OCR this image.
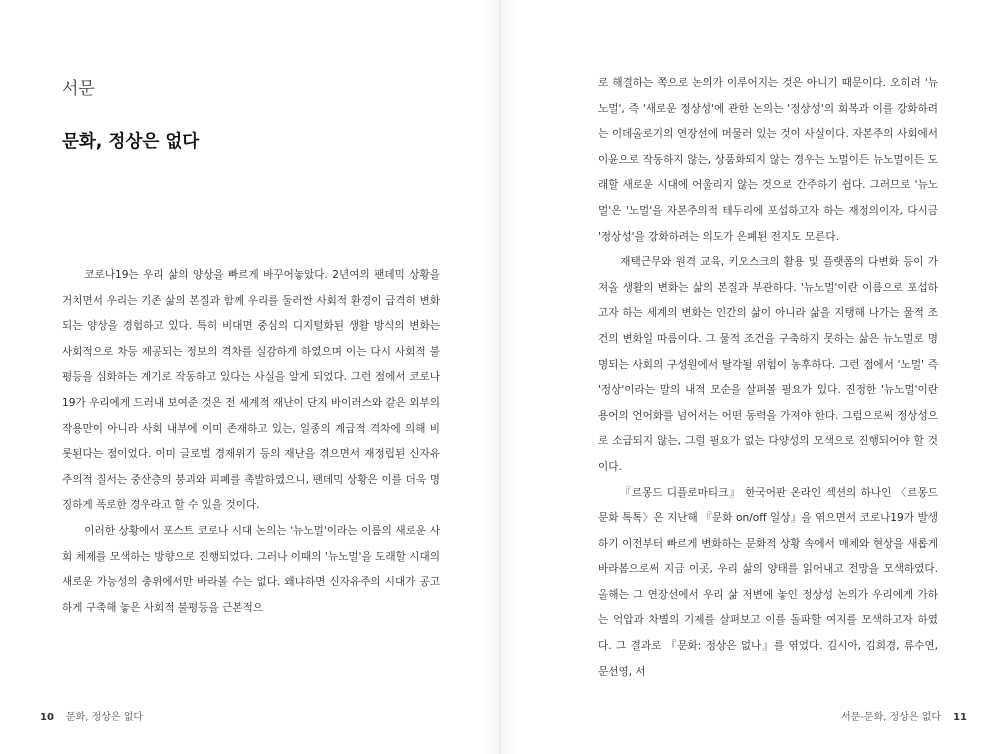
서문
문화, 정상은 없다

코로나19는 우리 삶의 양상을 빠르게 바꾸어놓았다. 2년여의 팬데믹 상황을 거치면서 우리는 기존 삶의 본질과 함께 우리를 둘러싼 사회적 환경이 급격히 변화되는 양상을 경험하고 있다. 특히 비대면 중심의 디지털화된 생활 방식의 변화는 사회적으로 차등 제공되는 정보의 격차를 실감하게 하였으며 이는 다시 사회적 불평등을 심화하는 계기로 작동하고 있다는 사실을 알게 되었다. 그런 점에서 코로나19가 우리에게 드러내 보여준 것은 전 세계적 재난이 단지 바이러스와 같은 외부의 작용만이 아니라 사회 내부에 이미 존재하고 있는, 일종의 계급적 격차에 의해 비롯된다는 점이었다. 이미 글로벌 경제위기 등의 재난을 겪으면서 재정립된 신자유주의적 질서는 중산층의 붕괴와 피폐를 촉발하였으니, 팬데믹 상황은 이를 더욱 명징하게 폭로한 경우라고 할 수 있을 것이다.

이러한 상황에서 포스트 코로나 시대 논의는 '뉴노멀'이라는 이름의 새로운 사회 체제를 모색하는 방향으로 진행되었다. 그러나 이때의 '뉴노멀'을 도래할 시대의 새로운 가능성의 충위에서만 바라볼 수는 없다. 왜냐하면 신자유주의 시대가 공고하게 구축해 놓은 사회적 불평등을 근본적으

10 문화, 정상은 없다

로 해결하는 쪽으로 논의가 이루어지는 것은 아니기 때문이다. 오히려 '뉴노멀', 즉 '새로운 정상성'에 관한 논의는 '정상성'의 회복과 이를 강화하려는 이데올로기의 연장선에 머물러 있는 것이 사실이다. 자본주의 사회에서 이윤으로 작동하지 않는, 상품화되지 않는 경우는 노멀이든 뉴노멀이든 도래할 새로운 시대에 어울리지 않는 것으로 간주하기 쉽다. 그러므로 '뉴노멀'은 '노멀'을 자본주의적 테두리에 포섭하고자 하는 재정의이자, 다시금 '정상성'을 강화하려는 의도가 은폐된 전지도 모른다.

재택근무와 원격 교육, 키오스크의 활용 및 플랫폼의 다변화 등이 가져올 생활의 변화는 삶의 본질과 부관하다. '뉴노멀'이란 이름으로 포섭하고자 하는 세계의 변화는 인간의 삶이 아니라 삶을 지탱해 나가는 물적 조건의 변화일 따름이다. 그 물적 조건을 구축하지 못하는 삶은 뉴노멀로 명명되는 사회의 구성원에서 탈각될 위험이 농후하다. 그런 점에서 '노멀' 즉 '정상'이라는 말의 내적 모순을 살펴볼 필요가 있다. 진정한 '뉴노멀'이란 용어의 언어화를 넘어서는 어떤 동력을 가져야 한다. 그럼으로써 정상성으로 소급되지 않는, 그럴 필요가 없는 다양성의 모색으로 진행되어야 할 것이다.

『르몽드 디플로마티크』 한국어판 온라인 섹션의 하나인 〈르몽드 문화 톡톡〉은 지난해 『문화 on/off 일상』을 엮으면서 코로나19가 발생하기 이전부터 빠르게 변화하는 문화적 상황 속에서 매체와 현상을 새롭게 바라봄으로써 지금 이곳, 우리 삶의 양태를 읽어내고 전망을 모색하였다. 올해는 그 연장선에서 우리 삶 저변에 놓인 정상성 논의가 우리에게 가하는 억압과 차별의 기제를 살펴보고 이를 돌파할 여지를 모색하고자 하였다. 그 결과로 『문화: 정상은 없나』를 엮었다. 김시아, 김희경, 류수연, 문선영, 서

서문-문화, 정상은 없다 11
